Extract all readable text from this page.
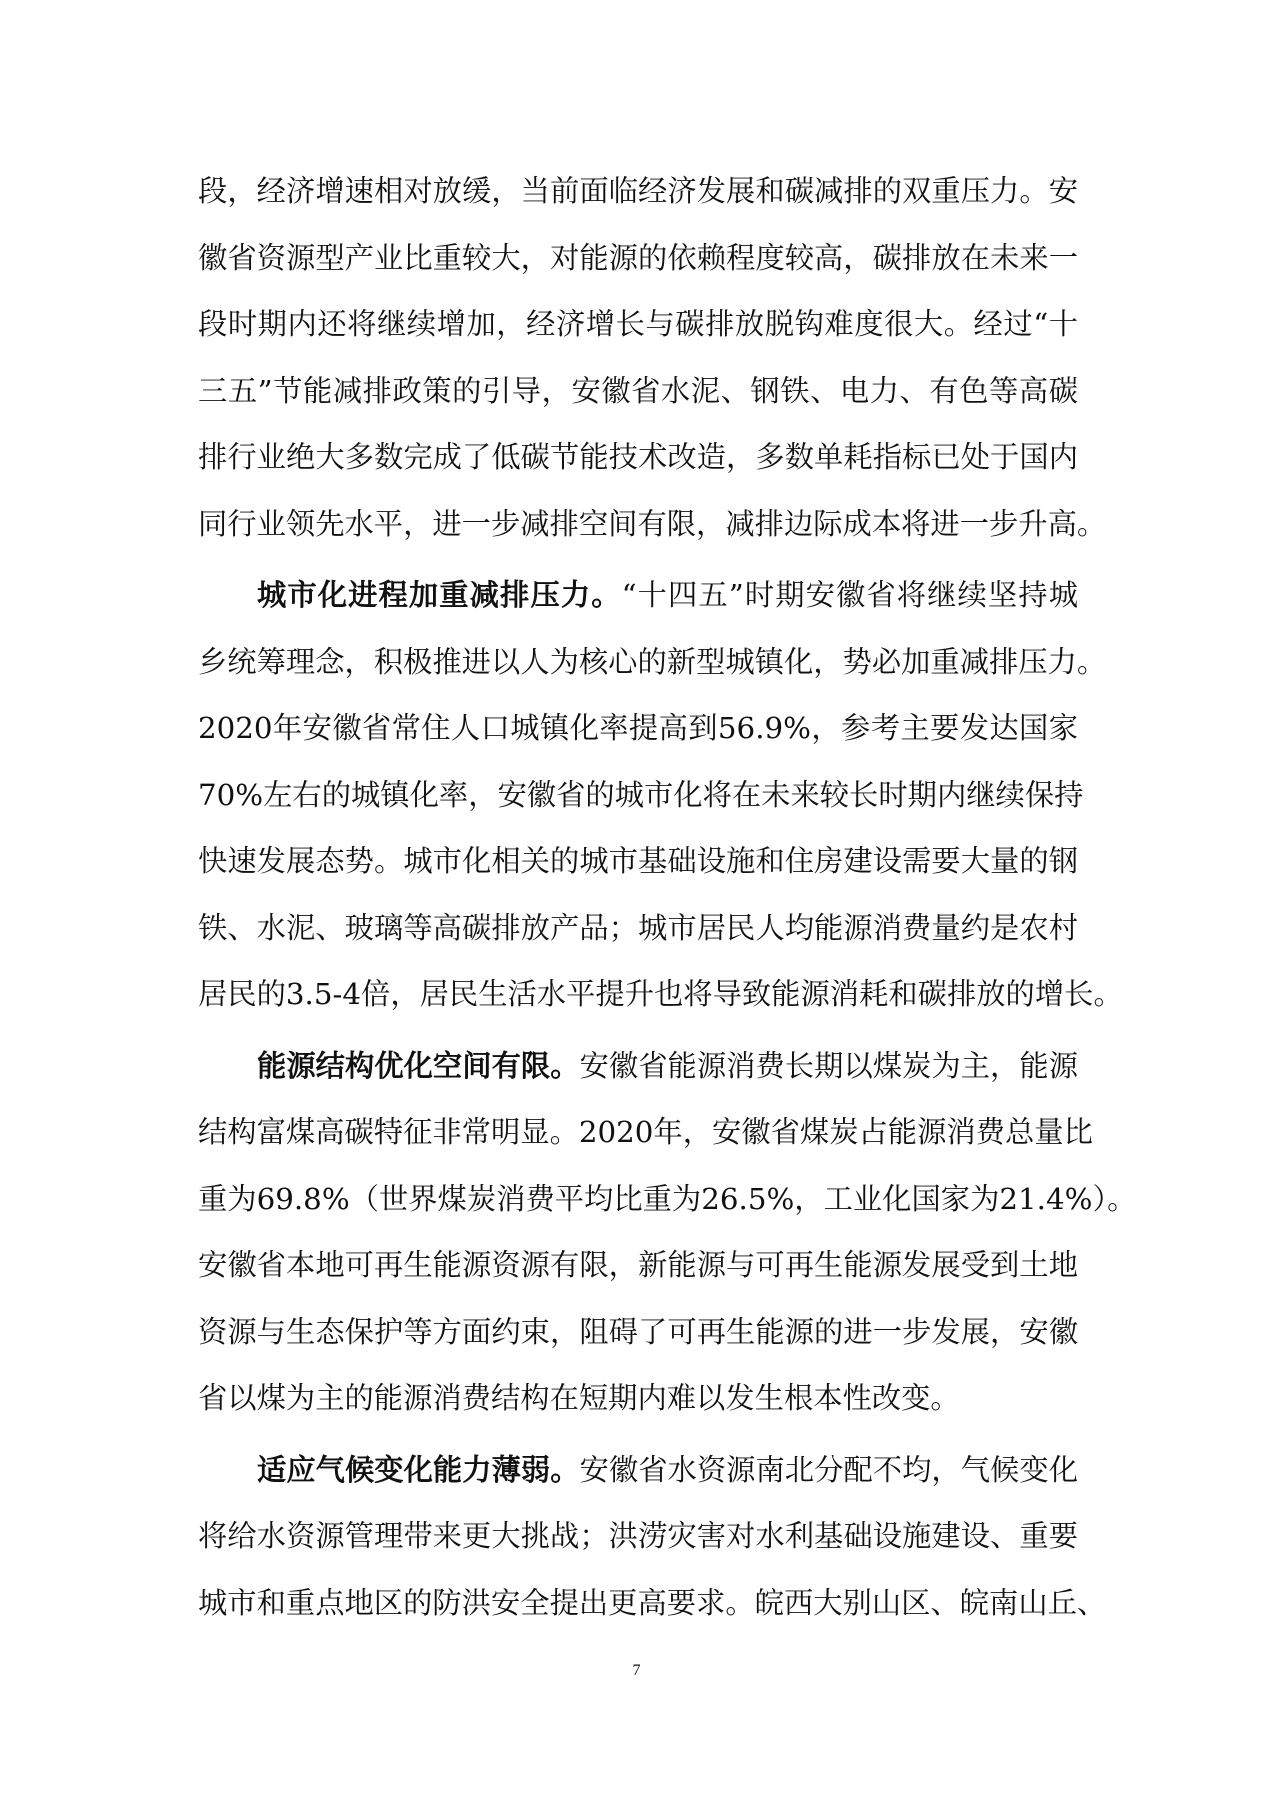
段，经济增速相对放缓，当前面临经济发展和碳减排的双重压力。安
徽省资源型产业比重较大，对能源的依赖程度较高，碳排放在未来一
段时期内还将继续增加，经济增长与碳排放脱钩难度很大。经过“十
三五”节能减排政策的引导，安徽省水泥、钢铁、电力、有色等高碳
排行业绝大多数完成了低碳节能技术改造，多数单耗指标已处于国内
同行业领先水平，进一步减排空间有限，减排边际成本将进一步升高。
城市化进程加重减排压力。“十四五”时期安徽省将继续坚持城
乡统筹理念，积极推进以人为核心的新型城镇化，势必加重减排压力。
2020年安徽省常住人口城镇化率提高到56.9%，参考主要发达国家
70%左右的城镇化率，安徽省的城市化将在未来较长时期内继续保持
快速发展态势。城市化相关的城市基础设施和住房建设需要大量的钢
铁、水泥、玻璃等高碳排放产品；城市居民人均能源消费量约是农村
居民的3.5-4倍，居民生活水平提升也将导致能源消耗和碳排放的增长。
能源结构优化空间有限。安徽省能源消费长期以煤炭为主，能源
结构富煤高碳特征非常明显。2020年，安徽省煤炭占能源消费总量比
重为69.8%（世界煤炭消费平均比重为26.5%，工业化国家为21.4%）。
安徽省本地可再生能源资源有限，新能源与可再生能源发展受到土地
资源与生态保护等方面约束，阻碍了可再生能源的进一步发展，安徽
省以煤为主的能源消费结构在短期内难以发生根本性改变。
适应气候变化能力薄弱。安徽省水资源南北分配不均，气候变化
将给水资源管理带来更大挑战；洪涝灾害对水利基础设施建设、重要
城市和重点地区的防洪安全提出更高要求。皖西大别山区、皖南山丘、
7
